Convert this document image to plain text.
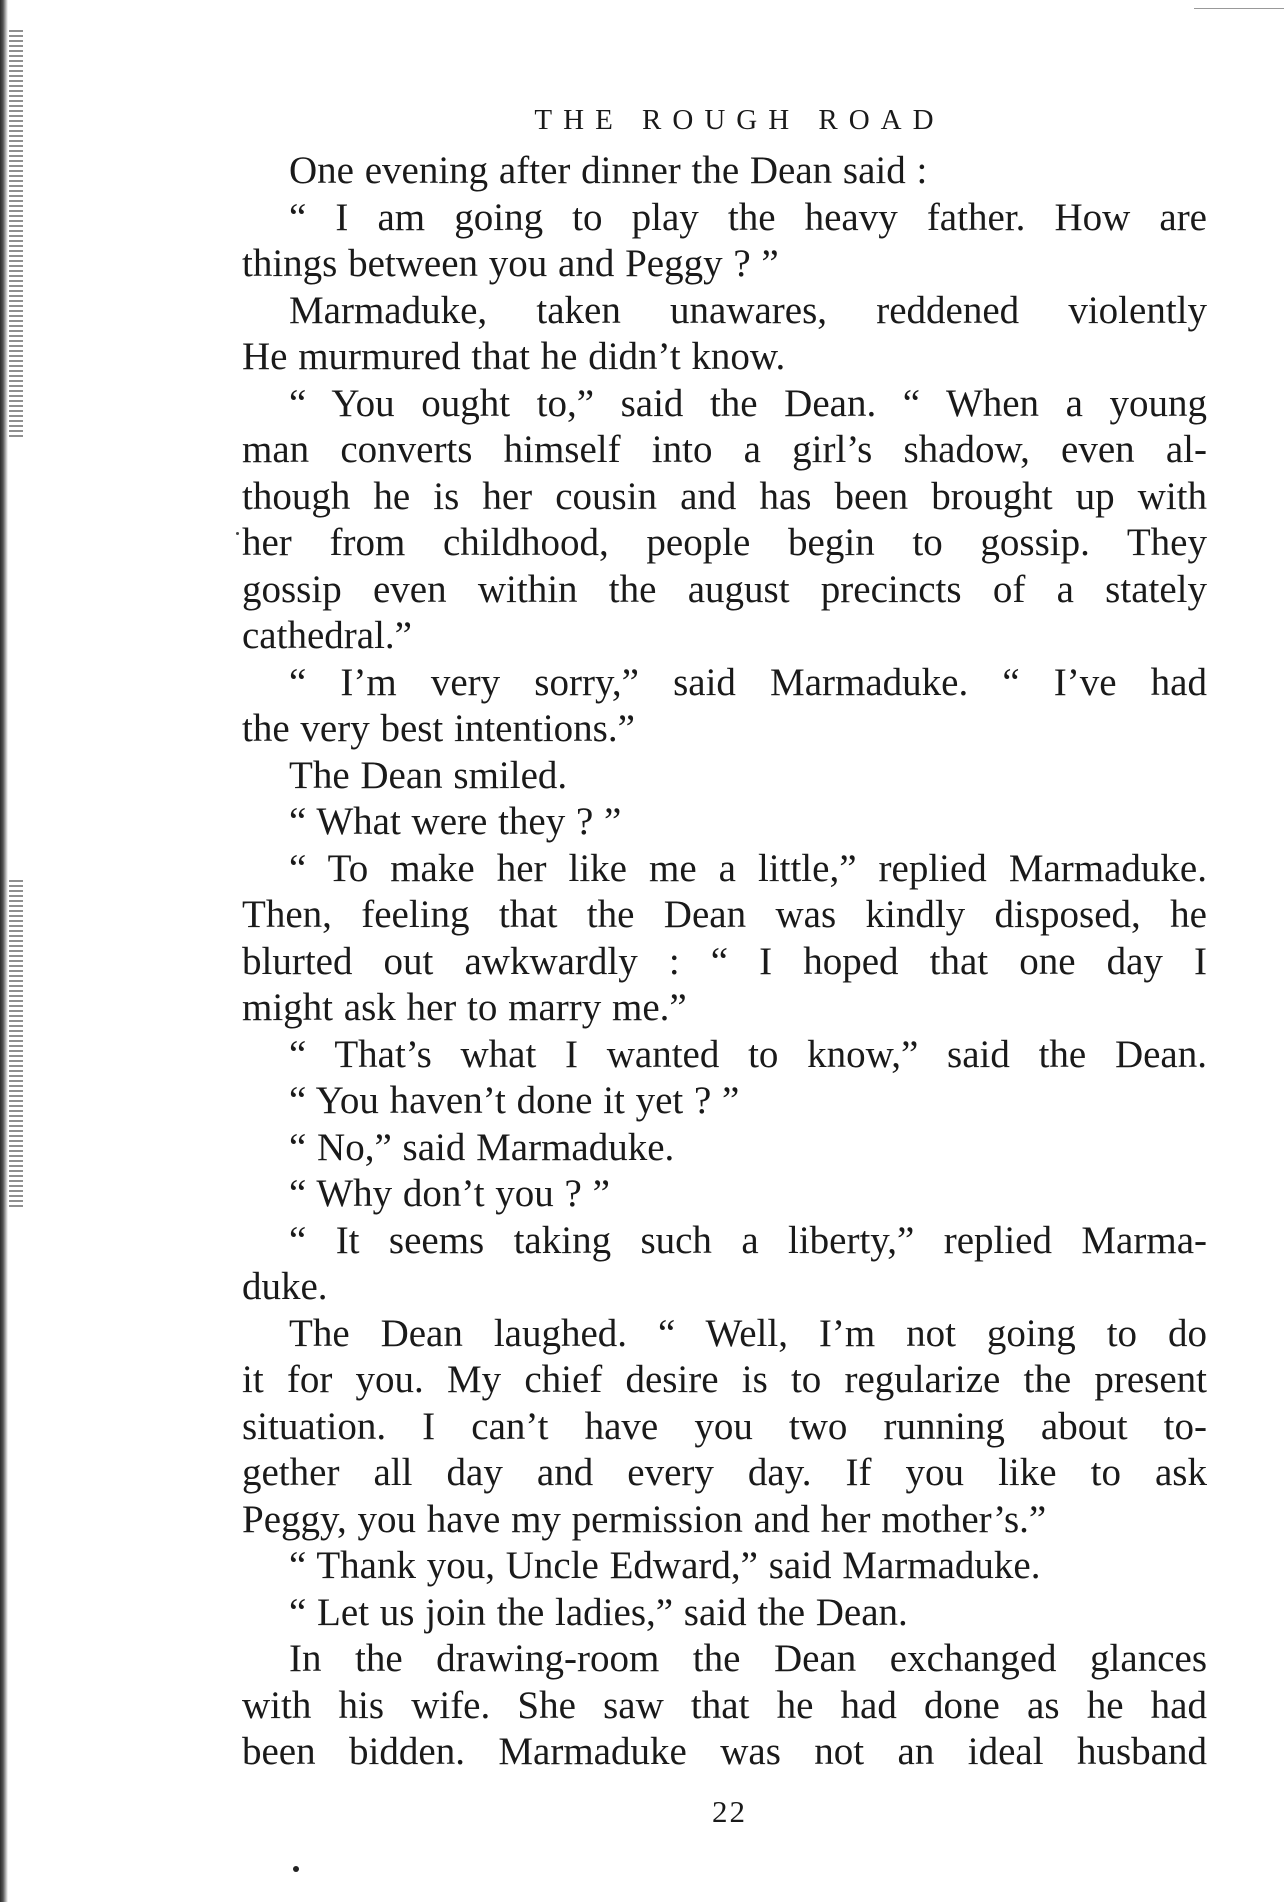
THE ROUGH ROAD
One evening after dinner the Dean said :
“ I am going to play the heavy father. How are
things between you and Peggy ? ”
Marmaduke, taken unawares, reddened violently
He murmured that he didn’t know.
“ You ought to,” said the Dean. “ When a young
man converts himself into a girl’s shadow, even al-
though he is her cousin and has been brought up with
her from childhood, people begin to gossip. They
gossip even within the august precincts of a stately
cathedral.”
“ I’m very sorry,” said Marmaduke. “ I’ve had
the very best intentions.”
The Dean smiled.
“ What were they ? ”
“ To make her like me a little,” replied Marmaduke.
Then, feeling that the Dean was kindly disposed, he
blurted out awkwardly : “ I hoped that one day I
might ask her to marry me.”
“ That’s what I wanted to know,” said the Dean.
“ You haven’t done it yet ? ”
“ No,” said Marmaduke.
“ Why don’t you ? ”
“ It seems taking such a liberty,” replied Marma-
duke.
The Dean laughed. “ Well, I’m not going to do
it for you. My chief desire is to regularize the present
situation. I can’t have you two running about to-
gether all day and every day. If you like to ask
Peggy, you have my permission and her mother’s.”
“ Thank you, Uncle Edward,” said Marmaduke.
“ Let us join the ladies,” said the Dean.
In the drawing-room the Dean exchanged glances
with his wife. She saw that he had done as he had
been bidden. Marmaduke was not an ideal husband
22
